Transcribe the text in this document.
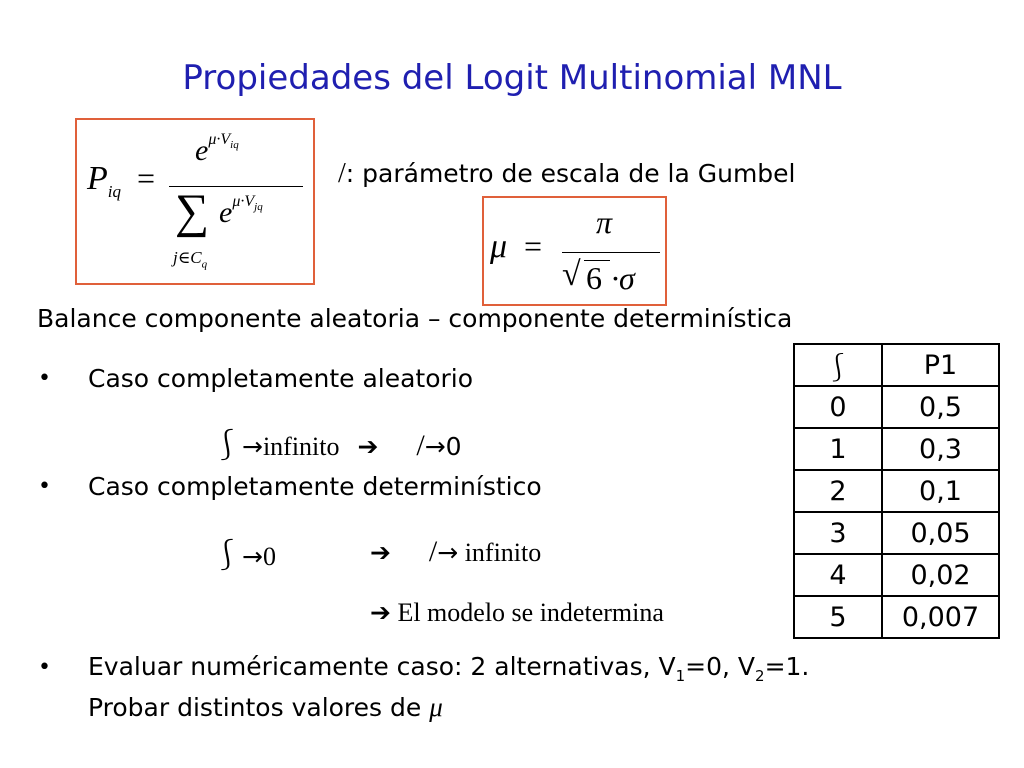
Propiedades del Logit Multinomial MNL
$P_{iq}$ =
$e^{\mu\cdot V_{iq}}$
∑ $e^{\mu\cdot V_{jq}}$
$j\in C_q$
/: parámetro de escala de la Gumbel
μ =
π
√ 6 ·σ
Balance componente aleatoria – componente determinística
• Caso completamente aleatorio
⎰→infinito ➔ /→0
• Caso completamente determinístico
⎰→0	➔ /→ infinito
➔ El modelo se indetermina
• Evaluar numéricamente caso: 2 alternativas, $V_1=0$, $V_2=1$.
Probar distintos valores de μ
⎰	P1
0	0,5
1	0,3
2	0,1
3	0,05
4	0,02
5	0,007
